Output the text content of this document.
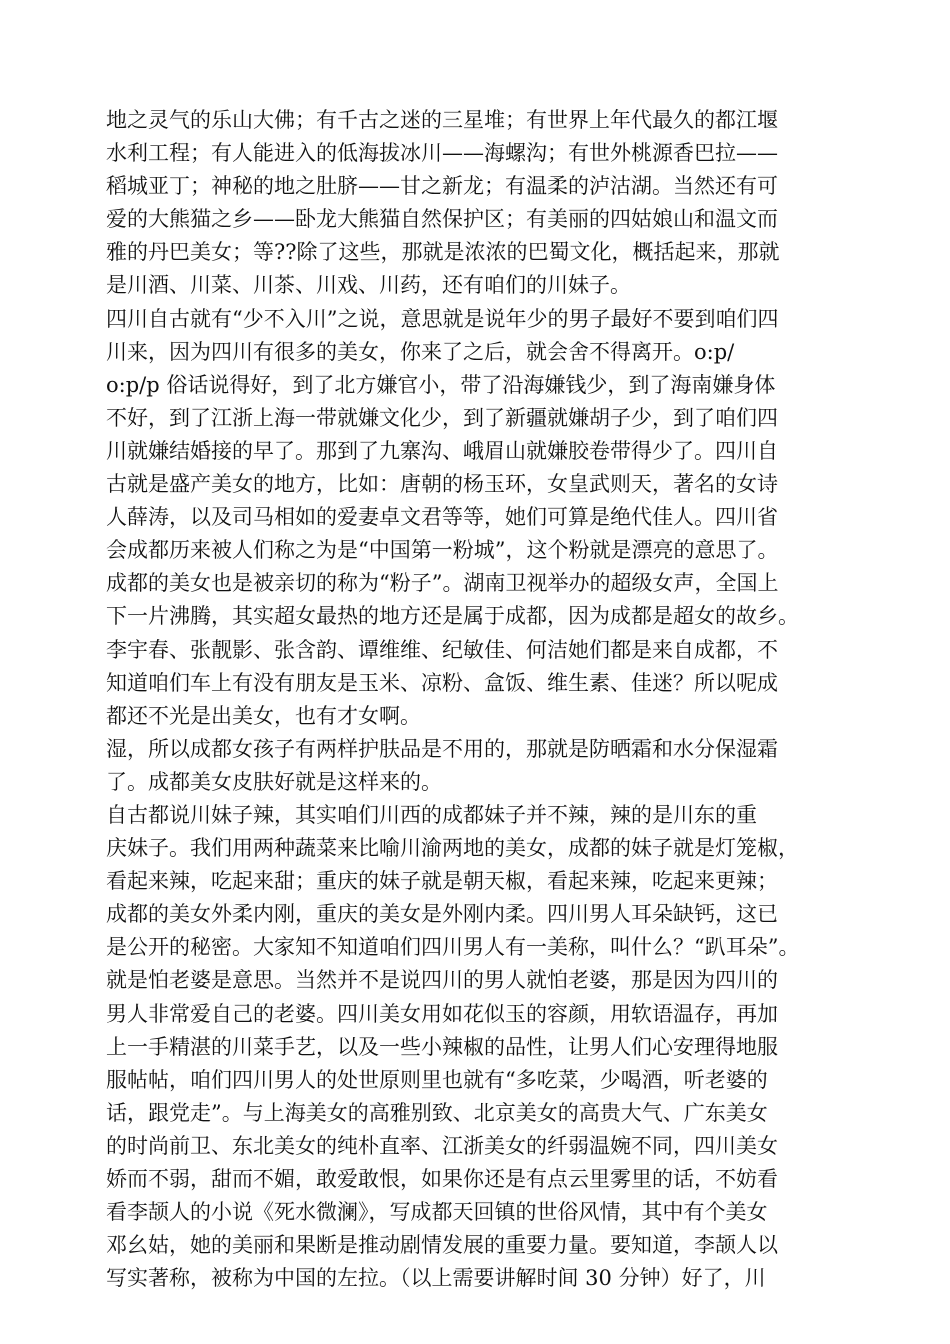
地之灵气的乐山大佛；有千古之迷的三星堆；有世界上年代最久的都江堰
水利工程；有人能进入的低海拔冰川——海螺沟；有世外桃源香巴拉——
稻城亚丁；神秘的地之肚脐——甘之新龙；有温柔的泸沽湖。当然还有可
爱的大熊猫之乡——卧龙大熊猫自然保护区；有美丽的四姑娘山和温文而
雅的丹巴美女；等??除了这些，那就是浓浓的巴蜀文化，概括起来，那就
是川酒、川菜、川茶、川戏、川药，还有咱们的川妹子。
四川自古就有“少不入川”之说，意思就是说年少的男子最好不要到咱们四
川来，因为四川有很多的美女，你来了之后，就会舍不得离开。o:p/
o:p/p 俗话说得好，到了北方嫌官小，带了沿海嫌钱少，到了海南嫌身体
不好，到了江浙上海一带就嫌文化少，到了新疆就嫌胡子少，到了咱们四
川就嫌结婚接的早了。那到了九寨沟、峨眉山就嫌胶卷带得少了。四川自
古就是盛产美女的地方，比如：唐朝的杨玉环，女皇武则天，著名的女诗
人薛涛，以及司马相如的爱妻卓文君等等，她们可算是绝代佳人。四川省
会成都历来被人们称之为是“中国第一粉城”，这个粉就是漂亮的意思了。
成都的美女也是被亲切的称为“粉子”。湖南卫视举办的超级女声，全国上
下一片沸腾，其实超女最热的地方还是属于成都，因为成都是超女的故乡。
李宇春、张靓影、张含韵、谭维维、纪敏佳、何洁她们都是来自成都，不
知道咱们车上有没有朋友是玉米、凉粉、盒饭、维生素、佳迷？所以呢成
都还不光是出美女，也有才女啊。
湿，所以成都女孩子有两样护肤品是不用的，那就是防晒霜和水分保湿霜
了。成都美女皮肤好就是这样来的。
自古都说川妹子辣，其实咱们川西的成都妹子并不辣，辣的是川东的重
庆妹子。我们用两种蔬菜来比喻川渝两地的美女，成都的妹子就是灯笼椒，
看起来辣，吃起来甜；重庆的妹子就是朝天椒，看起来辣，吃起来更辣；
成都的美女外柔内刚，重庆的美女是外刚内柔。四川男人耳朵缺钙，这已
是公开的秘密。大家知不知道咱们四川男人有一美称，叫什么？“趴耳朵”。
就是怕老婆是意思。当然并不是说四川的男人就怕老婆，那是因为四川的
男人非常爱自己的老婆。四川美女用如花似玉的容颜，用软语温存，再加
上一手精湛的川菜手艺，以及一些小辣椒的品性，让男人们心安理得地服
服帖帖，咱们四川男人的处世原则里也就有“多吃菜，少喝酒，听老婆的
话，跟党走”。与上海美女的高雅别致、北京美女的高贵大气、广东美女
的时尚前卫、东北美女的纯朴直率、江浙美女的纤弱温婉不同，四川美女
娇而不弱，甜而不媚，敢爱敢恨，如果你还是有点云里雾里的话，不妨看
看李颉人的小说《死水微澜》，写成都天回镇的世俗风情，其中有个美女
邓幺姑，她的美丽和果断是推动剧情发展的重要力量。要知道，李颉人以
写实著称，被称为中国的左拉。（以上需要讲解时间 30 分钟）好了，川
